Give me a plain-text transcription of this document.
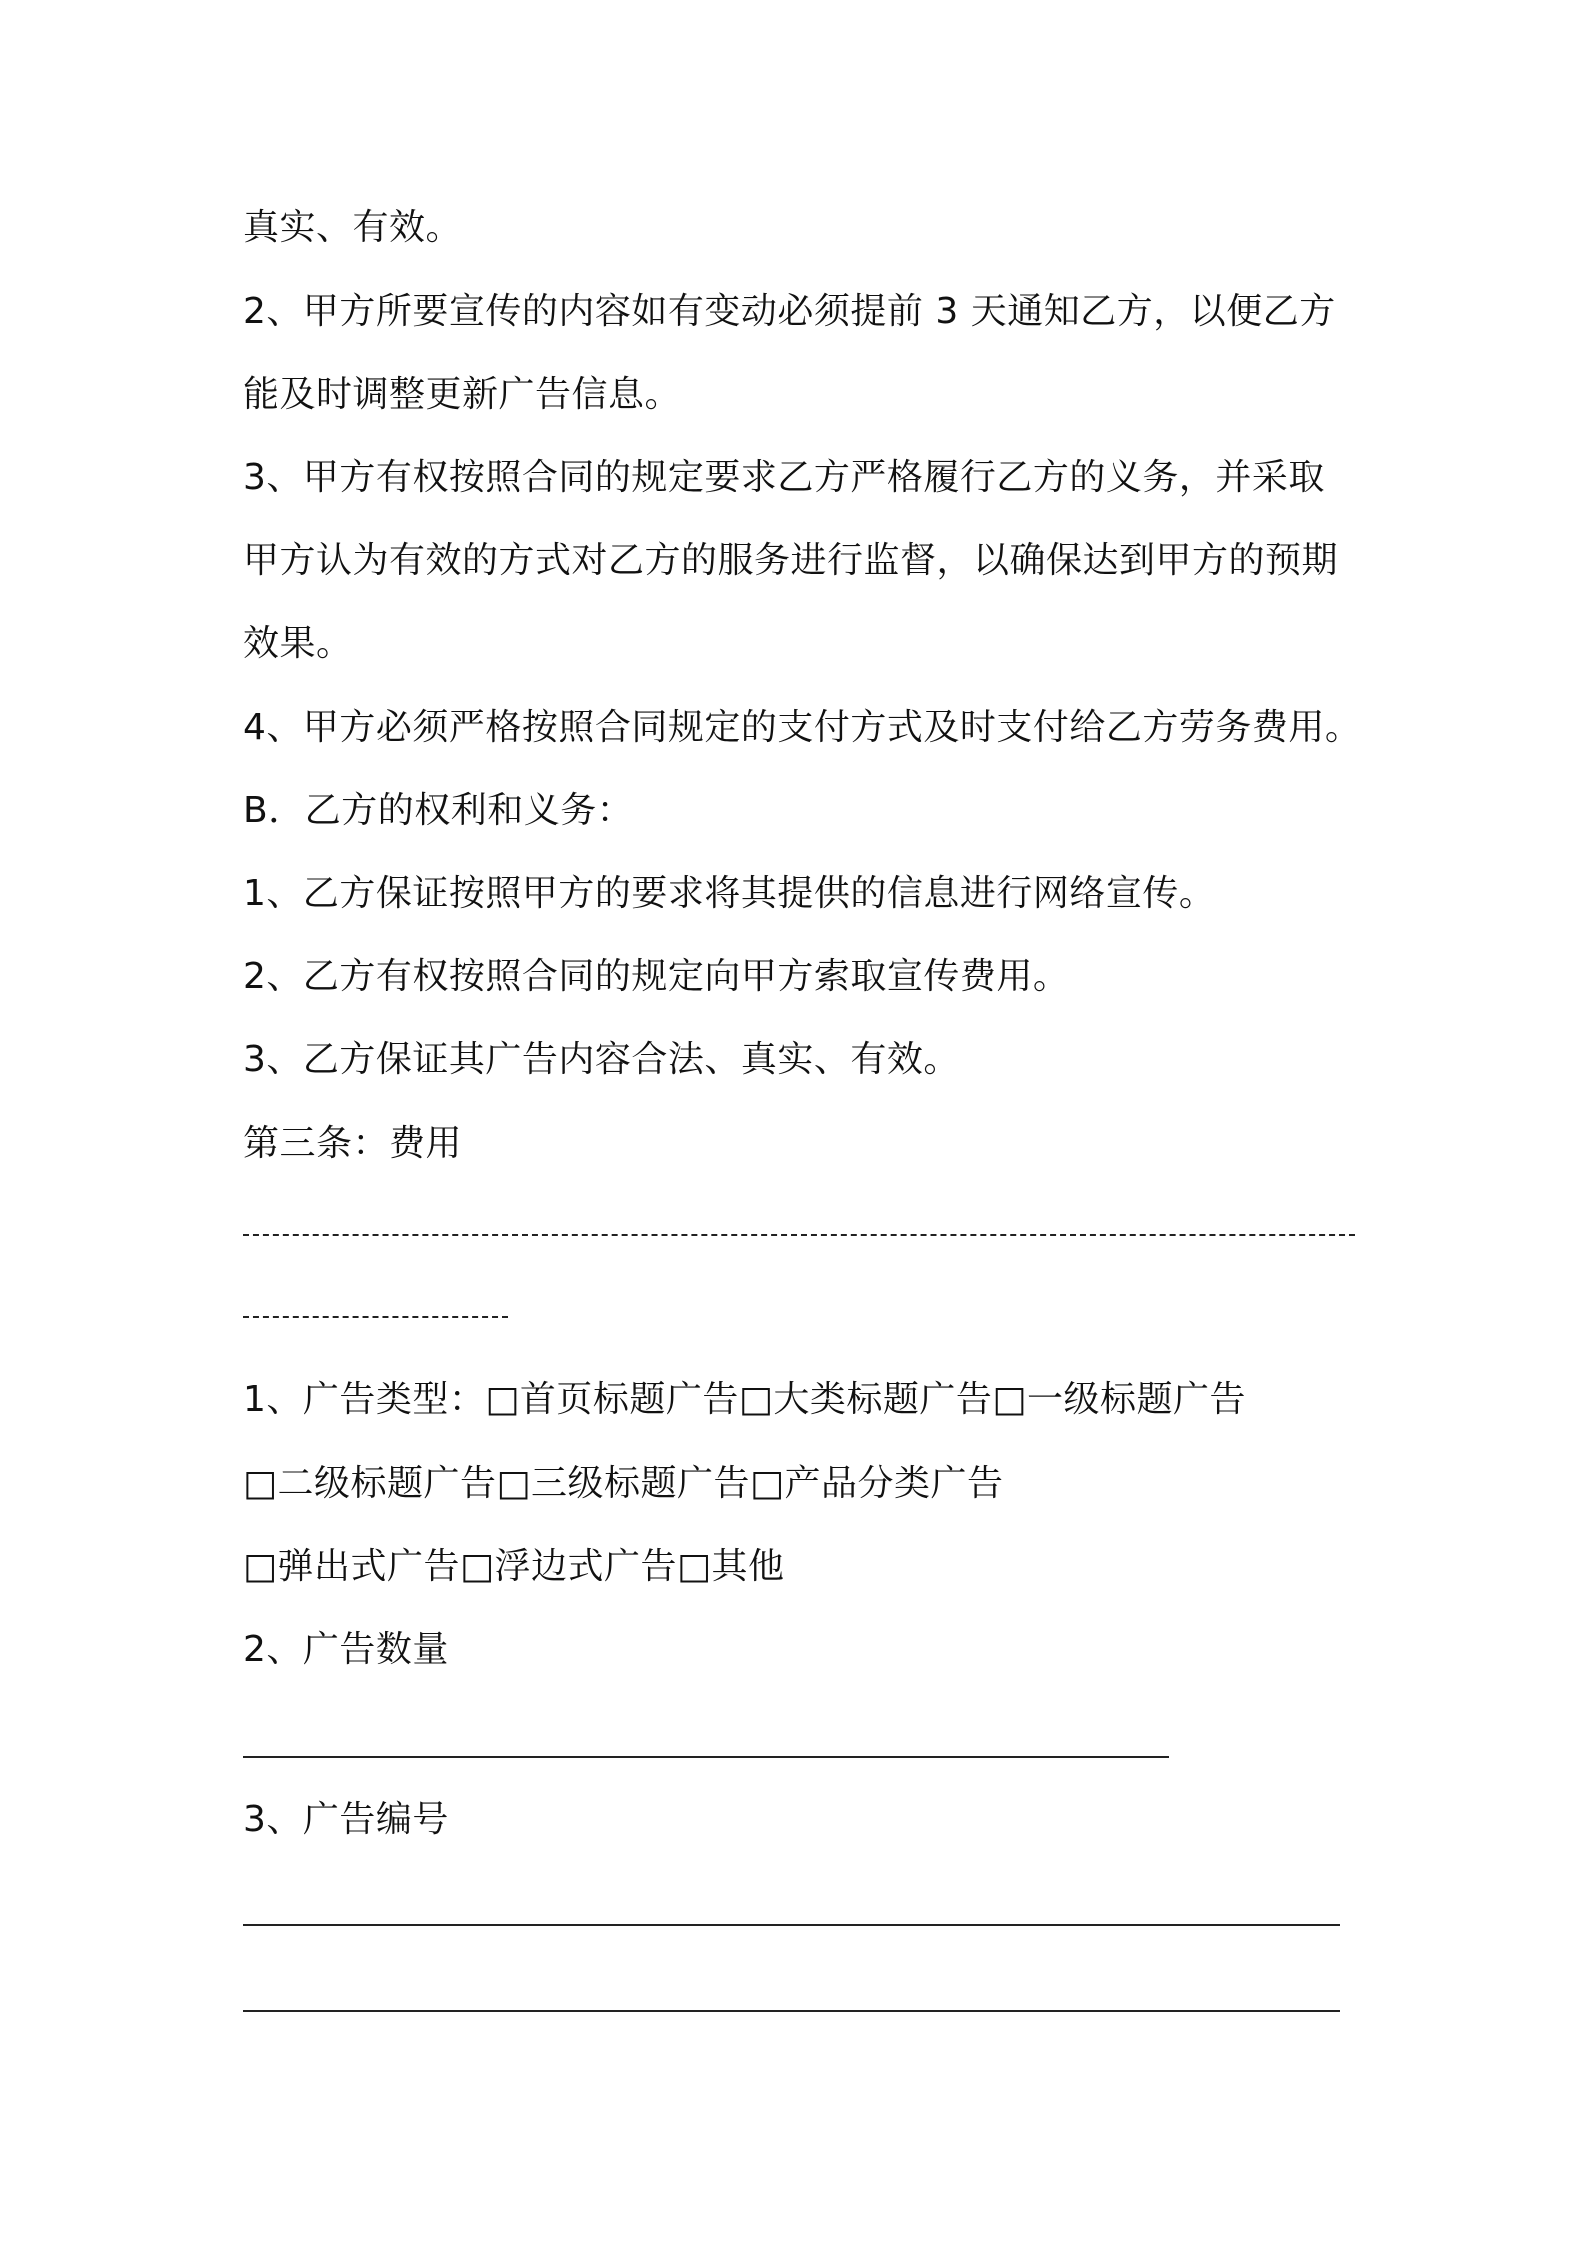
真实、有效。
2、甲方所要宣传的内容如有变动必须提前 3 天通知乙方，以便乙方
能及时调整更新广告信息。
3、甲方有权按照合同的规定要求乙方严格履行乙方的义务，并采取
甲方认为有效的方式对乙方的服务进行监督，以确保达到甲方的预期
效果。
4、甲方必须严格按照合同规定的支付方式及时支付给乙方劳务费用。
B．乙方的权利和义务：
1、乙方保证按照甲方的要求将其提供的信息进行网络宣传。
2、乙方有权按照合同的规定向甲方索取宣传费用。
3、乙方保证其广告内容合法、真实、有效。
第三条：费用
1、广告类型：□首页标题广告□大类标题广告□一级标题广告
□二级标题广告□三级标题广告□产品分类广告
□弹出式广告□浮边式广告□其他
2、广告数量
3、广告编号
